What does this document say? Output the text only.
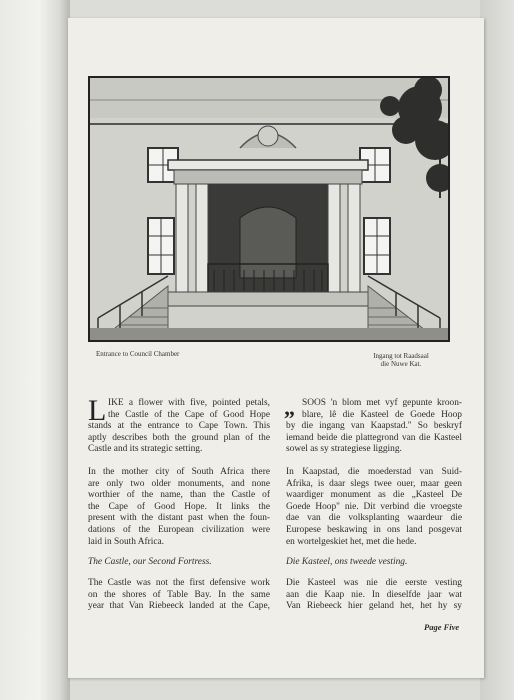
Entrance to Council Chamber	Ingang tot Raadsaal
die Nuwe Kat.
L IKE a flower with five, pointed petals,
the Castle of the Cape of Good Hope
stands at the entrance to Cape Town. This
aptly describes both the ground plan of the
Castle and its strategic setting.
In the mother city of South Africa there
are only two older monuments, and none
worthier of the name, than the Castle of
the Cape of Good Hope. It links the
present with the distant past when the foun-
dations of the European civilization were
laid in South Africa.
The Castle, our Second Fortress.
The Castle was not the first defensive work
on the shores of Table Bay. In the same
year that Van Riebeeck landed at the Cape,
„ SOOS 'n blom met vyf gepunte kroon-
blare, lê die Kasteel de Goede Hoop
by die ingang van Kaapstad." So beskryf
iemand beide die plattegrond van die Kasteel
sowel as sy strategiese ligging.
In Kaapstad, die moederstad van Suid-
Afrika, is daar slegs twee ouer, maar geen
waardiger monument as die „Kasteel De
Goede Hoop" nie. Dit verbind die vroegste
dae van die volksplanting waardeur die
Europese beskawing in ons land posgevat
en wortelgeskiet het, met die hede.
Die Kasteel, ons tweede vesting.
Die Kasteel was nie die eerste vesting
aan die Kaap nie. In dieselfde jaar wat
Van Riebeeck hier geland het, het hy sy
Page Five
